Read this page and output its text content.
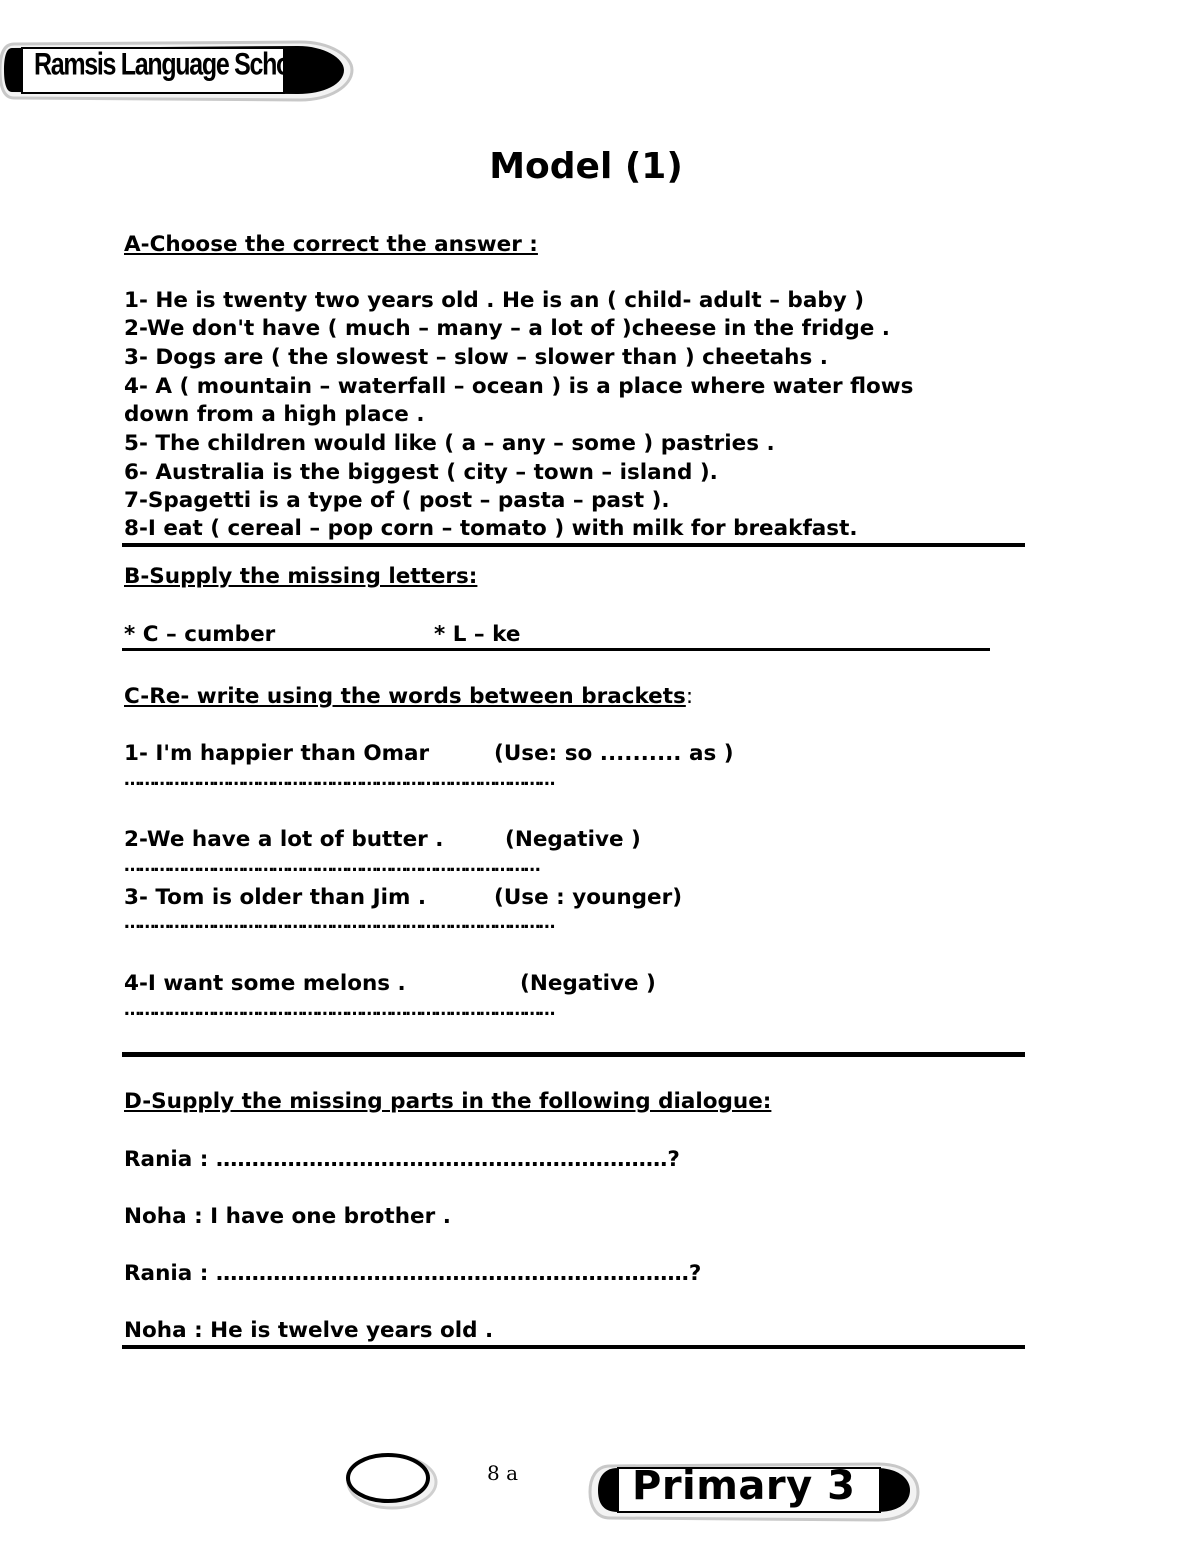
Ramsis Language School
Model (1)
A-Choose the correct the answer :
1- He is twenty two years old . He is an ( child- adult – baby )
2-We don't have ( much – many – a lot of )cheese in the fridge .
3- Dogs are ( the slowest – slow – slower than ) cheetahs .
4- A ( mountain – waterfall – ocean ) is a place where water flows
down from a high place .
5- The children would like ( a – any – some ) pastries .
6- Australia is the biggest ( city – town – island ).
7-Spagetti is a type of ( post – pasta – past ).
8-I eat ( cereal – pop corn – tomato ) with milk for breakfast.
B-Supply the missing letters:
* C – cumber	* L – ke
C-Re- write using the words between brackets:
1- I'm happier than Omar	(Use: so .......... as )
……………………………………………………………………………
2-We have a lot of butter .	(Negative )
…………………………………………………………………………
3- Tom is older than Jim .	(Use : younger)
……………………………………………………………………………
4-I want some melons .	(Negative )
……………………………………………………………………………
D-Supply the missing parts in the following dialogue:
Rania : ………………………………………………………?
Noha : I have one brother .
Rania : …………………………………………………………?
Noha : He is twelve years old .
8 a	Primary 3
